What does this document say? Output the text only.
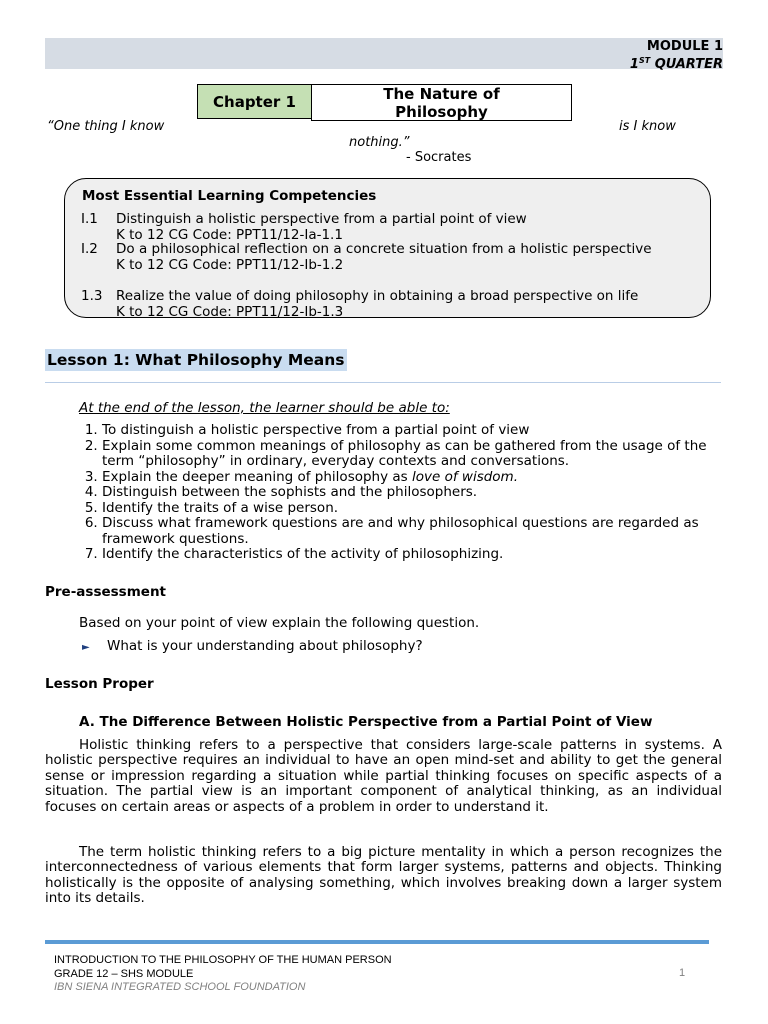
MODULE 1
1ST QUARTER
Chapter 1	The Nature of
Philosophy
“One thing I know	is I know
nothing.”
- Socrates
Most Essential Learning Competencies
I.1 Distinguish a holistic perspective from a partial point of view
K to 12 CG Code: PPT11/12-Ia-1.1
I.2 Do a philosophical reflection on a concrete situation from a holistic perspective
K to 12 CG Code: PPT11/12-Ib-1.2
1.3 Realize the value of doing philosophy in obtaining a broad perspective on life
K to 12 CG Code: PPT11/12-Ib-1.3
Lesson 1: What Philosophy Means
At the end of the lesson, the learner should be able to:
1. To distinguish a holistic perspective from a partial point of view
2. Explain some common meanings of philosophy as can be gathered from the usage of the term “philosophy” in ordinary, everyday contexts and conversations.
3. Explain the deeper meaning of philosophy as love of wisdom.
4. Distinguish between the sophists and the philosophers.
5. Identify the traits of a wise person.
6. Discuss what framework questions are and why philosophical questions are regarded as framework questions.
7. Identify the characteristics of the activity of philosophizing.
Pre-assessment
Based on your point of view explain the following question.
► What is your understanding about philosophy?
Lesson Proper
A. The Difference Between Holistic Perspective from a Partial Point of View
Holistic thinking refers to a perspective that considers large-scale patterns in systems. A holistic perspective requires an individual to have an open mind-set and ability to get the general sense or impression regarding a situation while partial thinking focuses on specific aspects of a situation. The partial view is an important component of analytical thinking, as an individual focuses on certain areas or aspects of a problem in order to understand it.
The term holistic thinking refers to a big picture mentality in which a person recognizes the interconnectedness of various elements that form larger systems, patterns and objects. Thinking holistically is the opposite of analysing something, which involves breaking down a larger system into its details.
INTRODUCTION TO THE PHILOSOPHY OF THE HUMAN PERSON
GRADE 12 – SHS MODULE
IBN SIENA INTEGRATED SCHOOL FOUNDATION
1
